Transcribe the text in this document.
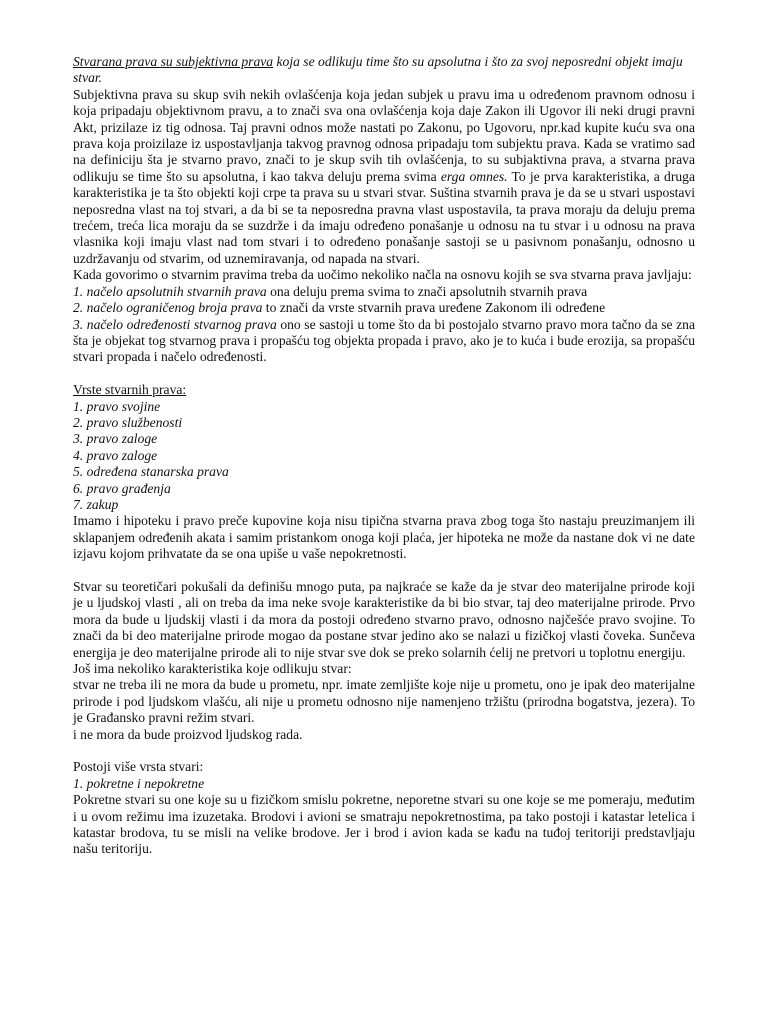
Stvarana prava su subjektivna prava koja se odlikuju time što su apsolutna i što za svoj neposredni objekt imaju stvar.

Subjektivna prava su skup svih nekih ovlašćenja koja jedan subjek u pravu ima u određenom pravnom odnosu i koja pripadaju objektivnom pravu, a to znači sva ona ovlašćenja koja daje Zakon ili Ugovor ili neki drugi pravni Akt, prizilaze iz tig odnosa. Taj pravni odnos može nastati po Zakonu, po Ugovoru, npr.kad kupite kuću sva ona prava koja proizilaze iz uspostavljanja takvog pravnog odnosa pripadaju tom subjektu prava. Kada se vratimo sad na definiciju šta je stvarno pravo, znači to je skup svih tih ovlašćenja, to su subjaktivna prava, a stvarna prava odlikuju se time što su apsolutna, i kao takva deluju prema svima erga omnes. To je prva karakteristika, a druga karakteristika je ta što objekti koji crpe ta prava su u stvari stvar. Suština stvarnih prava je da se u stvari uspostavi neposredna vlast na toj stvari, a da bi se ta neposredna pravna vlast uspostavila, ta prava moraju da deluju prema trećem, treća lica moraju da se suzdrže i da imaju određeno ponašanje u odnosu na tu stvar i u odnosu na prava vlasnika koji imaju vlast nad tom stvari i to određeno ponašanje sastoji se u pasivnom ponašanju, odnosno u uzdržavanju od stvarim, od uznemiravanja, od napada na stvari.

Kada govorimo o stvarnim pravima treba da uočimo nekoliko načla na osnovu kojih se sva stvarna prava javljaju:

1. načelo apsolutnih stvarnih prava ona deluju prema svima to znači apsolutnih stvarnih prava

2. načelo ograničenog broja prava to znači da vrste stvarnih prava uređene Zakonom ili određene

3. načelo određenosti stvarnog prava ono se sastoji u tome što da bi postojalo stvarno pravo mora tačno da se zna šta je objekat tog stvarnog prava i propašću tog objekta propada i pravo, ako je to kuća i bude erozija, sa propašću stvari propada i načelo određenosti.

Vrste stvarnih prava:

1. pravo svojine

2. pravo službenosti

3. pravo zaloge

4. pravo zaloge

5. određena stanarska prava

6. pravo građenja

7. zakup

Imamo i hipoteku i pravo preče kupovine koja nisu tipična stvarna prava zbog toga što nastaju preuzimanjem ili sklapanjem određenih akata i samim pristankom onoga koji plaća, jer hipoteka ne može da nastane dok vi ne date izjavu kojom prihvatate da se ona upiše u vaše nepokretnosti.

Stvar su teoretičari pokušali da definišu mnogo puta, pa najkraće se kaže da je stvar deo materijalne prirode koji je u ljudskoj vlasti , ali on treba da ima neke svoje karakteristike da bi bio stvar, taj deo materijalne prirode. Prvo mora da bude u ljudskij vlasti i da mora da postoji određeno stvarno pravo, odnosno najčešće pravo svojine. To znači da bi deo materijalne prirode mogao da postane stvar jedino ako se nalazi u fizičkoj vlasti čoveka. Sunčeva energija je deo materijalne prirode ali to nije stvar sve dok se preko solarnih ćelij ne pretvori u toplotnu energiju.

Još ima nekoliko karakteristika koje odlikuju stvar:

stvar ne treba ili ne mora da bude u prometu, npr. imate zemljište koje nije u prometu, ono je ipak deo materijalne prirode i pod ljudskom vlašću, ali nije u prometu odnosno nije namenjeno tržištu (prirodna bogatstva, jezera). To je Građansko pravni režim stvari.

i ne mora da bude proizvod ljudskog rada.

Postoji više vrsta stvari:

1. pokretne i nepokretne

Pokretne stvari su one koje su u fizičkom smislu pokretne, neporetne stvari su one koje se me pomeraju, međutim i u ovom režimu ima izuzetaka. Brodovi i avioni se smatraju nepokretnostima, pa tako postoji i katastar letelica i katastar brodova, tu se misli na velike brodove. Jer i brod i avion kada se kađu na tuđoj teritoriji predstavljaju našu teritoriju.
